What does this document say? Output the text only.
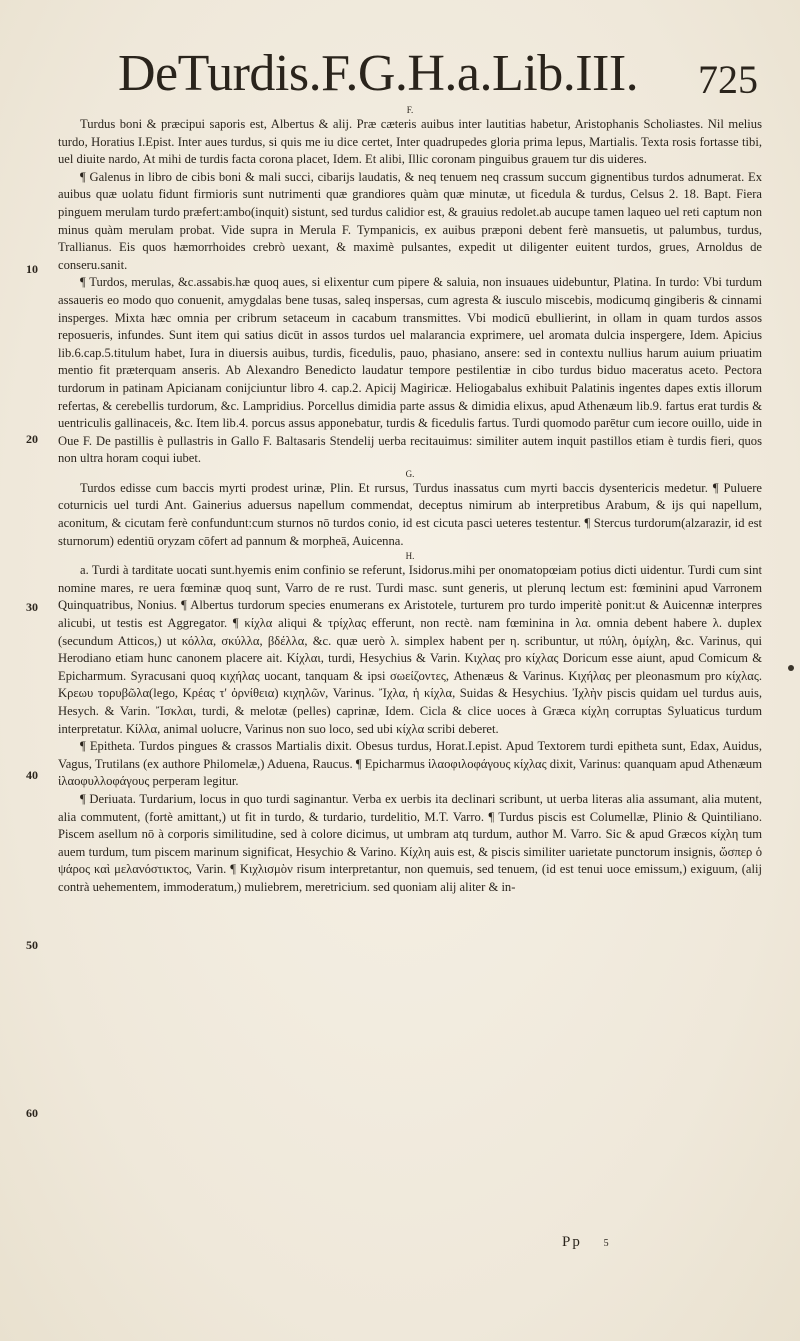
DeTurdis.F.G.H.a.Lib.III. 725
F.

Turdus boni & præcipui saporis est, Albertus & alij. Præ cæteris auibus inter lautitias habetur, Aristophanis Scholiastes. Nil melius turdo, Horatius I.Epist. Inter aues turdus, si quis me iu dice certet, Inter quadrupedes gloria prima lepus, Martialis. Texta rosis fortasse tibi, uel diuite nardo, At mihi de turdis facta corona placet, Idem. Et alibi, Illic coronam pinguibus grauem tur dis uideres.

¶ Galenus in libro de cibis boni & mali succi, cibarijs laudatis, & neq tenuem neq crassum succum gignentibus turdos adnumerat. Ex auibus quæ uolatu fidunt firmioris sunt nutrimenti quæ grandiores quàm quæ minutæ, ut ficedula & turdus, Celsus 2. 18. Bapt. Fiera pinguem merulam turdo præfert:ambo(inquit) sistunt, sed turdus calidior est, & grauius redolet.ab aucupe tamen laqueo uel reti captum non minus quàm merulam probat. Vide supra in Merula F. Tympanicis, ex auibus præponi debent ferè mansuetis, ut palumbus, turdus, Trallianus. Eis quos hæmorrhoides crebrò uexant, & maximè pulsantes, expedit ut diligenter euitent turdos, grues, Arnoldus de conseru.sanit.

¶ Turdos, merulas, &c.assabis.hæ quoq aues, si elixentur cum pipere & saluia, non insuaues uidebuntur, Platina. In turdo: Vbi turdum assaueris eo modo quo conuenit, amygdalas bene tusas, saleq inspersas, cum agresta & iusculo miscebis, modicumq gingiberis & cinnami insperges. Mixta hæc omnia per cribrum setaceum in cacabum transmittes. Vbi modicū ebullierint, in ollam in quam turdos assos reposueris, infundes. Sunt item qui satius dicūt in assos turdos uel malarancia exprimere, uel aromata dulcia inspergere, Idem. Apicius lib.6.cap.5.titulum habet, Iura in diuersis auibus, turdis, ficedulis, pauo, phasiano, ansere: sed in contextu nullius harum auium priuatim mentio fit præterquam anseris. Ab Alexandro Benedicto laudatur tempore pestilentiæ in cibo turdus biduo maceratus aceto. Pectora turdorum in patinam Apicianam conijciuntur libro 4. cap.2. Apicij Magiricæ. Heliogabalus exhibuit Palatinis ingentes dapes extis illorum refertas, & cerebellis turdorum, &c. Lampridius. Porcellus dimidia parte assus & dimidia elixus, apud Athenæum lib.9. fartus erat turdis & uentriculis gallinaceis, &c. Item lib.4. porcus assus apponebatur, turdis & ficedulis fartus. Turdi quomodo parētur cum iecore ouillo, uide in Oue F. De pastillis è pullastris in Gallo F. Baltasaris Stendelij uerba recitauimus: similiter autem inquit pastillos etiam è turdis fieri, quos non ultra horam coqui iubet.

G.

Turdos edisse cum baccis myrti prodest urinæ, Plin. Et rursus, Turdus inassatus cum myrti baccis dysentericis medetur. ¶ Puluere coturnicis uel turdi Ant. Gainerius aduersus napellum commendat, deceptus nimirum ab interpretibus Arabum, & ijs qui napellum, aconitum, & cicutam ferè confundunt:cum sturnos nō turdos conio, id est cicuta pasci ueteres testentur. ¶ Stercus turdorum(alzarazir, id est sturnorum) edentiū oryzam cōfert ad pannum & morpheā, Auicenna.

H.

a. Turdi à tarditate uocati sunt.hyemis enim confinio se referunt, Isidorus.mihi per onomatopœiam potius dicti uidentur. Turdi cum sint nomine mares, re uera fœminæ quoq sunt, Varro de re rust. Turdi masc. sunt generis, ut plerunq lectum est: fœminini apud Varronem Quinquatribus, Nonius. ¶ Albertus turdorum species enumerans ex Aristotele, turturem pro turdo imperitè ponit:ut & Auicennæ interpres alicubi, ut testis est Aggregator. ¶ κίχλα aliqui & τρίχλας efferunt, non rectè. nam fœminina in λα. omnia debent habere λ. duplex (secundum Atticos,) ut κόλλα, σκύλλα, βδέλλα, &c. quæ uerò λ. simplex habent per η. scribuntur, ut πύλη, ὁμίχλη, &c. Varinus, qui Herodiano etiam hunc canonem placere ait. Κίχλαι, turdi, Hesychius & Varin. Κιχλας pro κίχλας Doricum esse aiunt, apud Comicum & Epicharmum. Syracusani quoq κιχήλας uocant, tanquam & ipsi σωείζοντες, Athenæus & Varinus. Κιχήλας per pleonasmum pro κίχλας. Κρεωυ τορυβῶλα(lego, Κρέας τ' ὀρνίθεια) κιχηλῶν, Varinus. Ἴχλα, ἡ κίχλα, Suidas & Hesychius. Ἰχλὴν piscis quidam uel turdus auis, Hesych. & Varin. Ἴσκλαι, turdi, & melotæ (pelles) caprinæ, Idem. Cicla & clice uoces à Græca κίχλη corruptas Syluaticus turdum interpretatur. Κίλλα, animal uolucre, Varinus non suo loco, sed ubi κίχλα scribi deberet.

¶ Epitheta. Turdos pingues & crassos Martialis dixit. Obesus turdus, Horat.I.epist. Apud Textorem turdi epitheta sunt, Edax, Auidus, Vagus, Trutilans (ex authore Philomelæ,) Aduena, Raucus. ¶ Epicharmus ἱλαοφιλοφάγους κίχλας dixit, Varinus: quanquam apud Athenæum ἱλαοφυλλοφάγους perperam legitur.

¶ Deriuata. Turdarium, locus in quo turdi saginantur. Verba ex uerbis ita declinari scribunt, ut uerba literas alia assumant, alia mutent, alia commutent, (fortè amittant,) ut fit in turdo, & turdario, turdelitio, M.T. Varro. ¶ Turdus piscis est Columellæ, Plinio & Quintiliano. Piscem asellum nō à corporis similitudine, sed à colore dicimus, ut umbram atq turdum, author M. Varro. Sic & apud Græcos κίχλη tum auem turdum, tum piscem marinum significat, Hesychio & Varino. Κίχλη auis est, & piscis similiter uarietate punctorum insignis, ὥσπερ ὁ ψάρος καὶ μελανόστικτος, Varin. ¶ Κιχλισμὸν risum interpretantur, non quemuis, sed tenuem, (id est tenui uoce emissum,) exiguum, (alij contrà uehementem, immoderatum,) muliebrem, meretricium. sed quoniam alij aliter & in-

10
20
30
40
50
60
Pp 5
